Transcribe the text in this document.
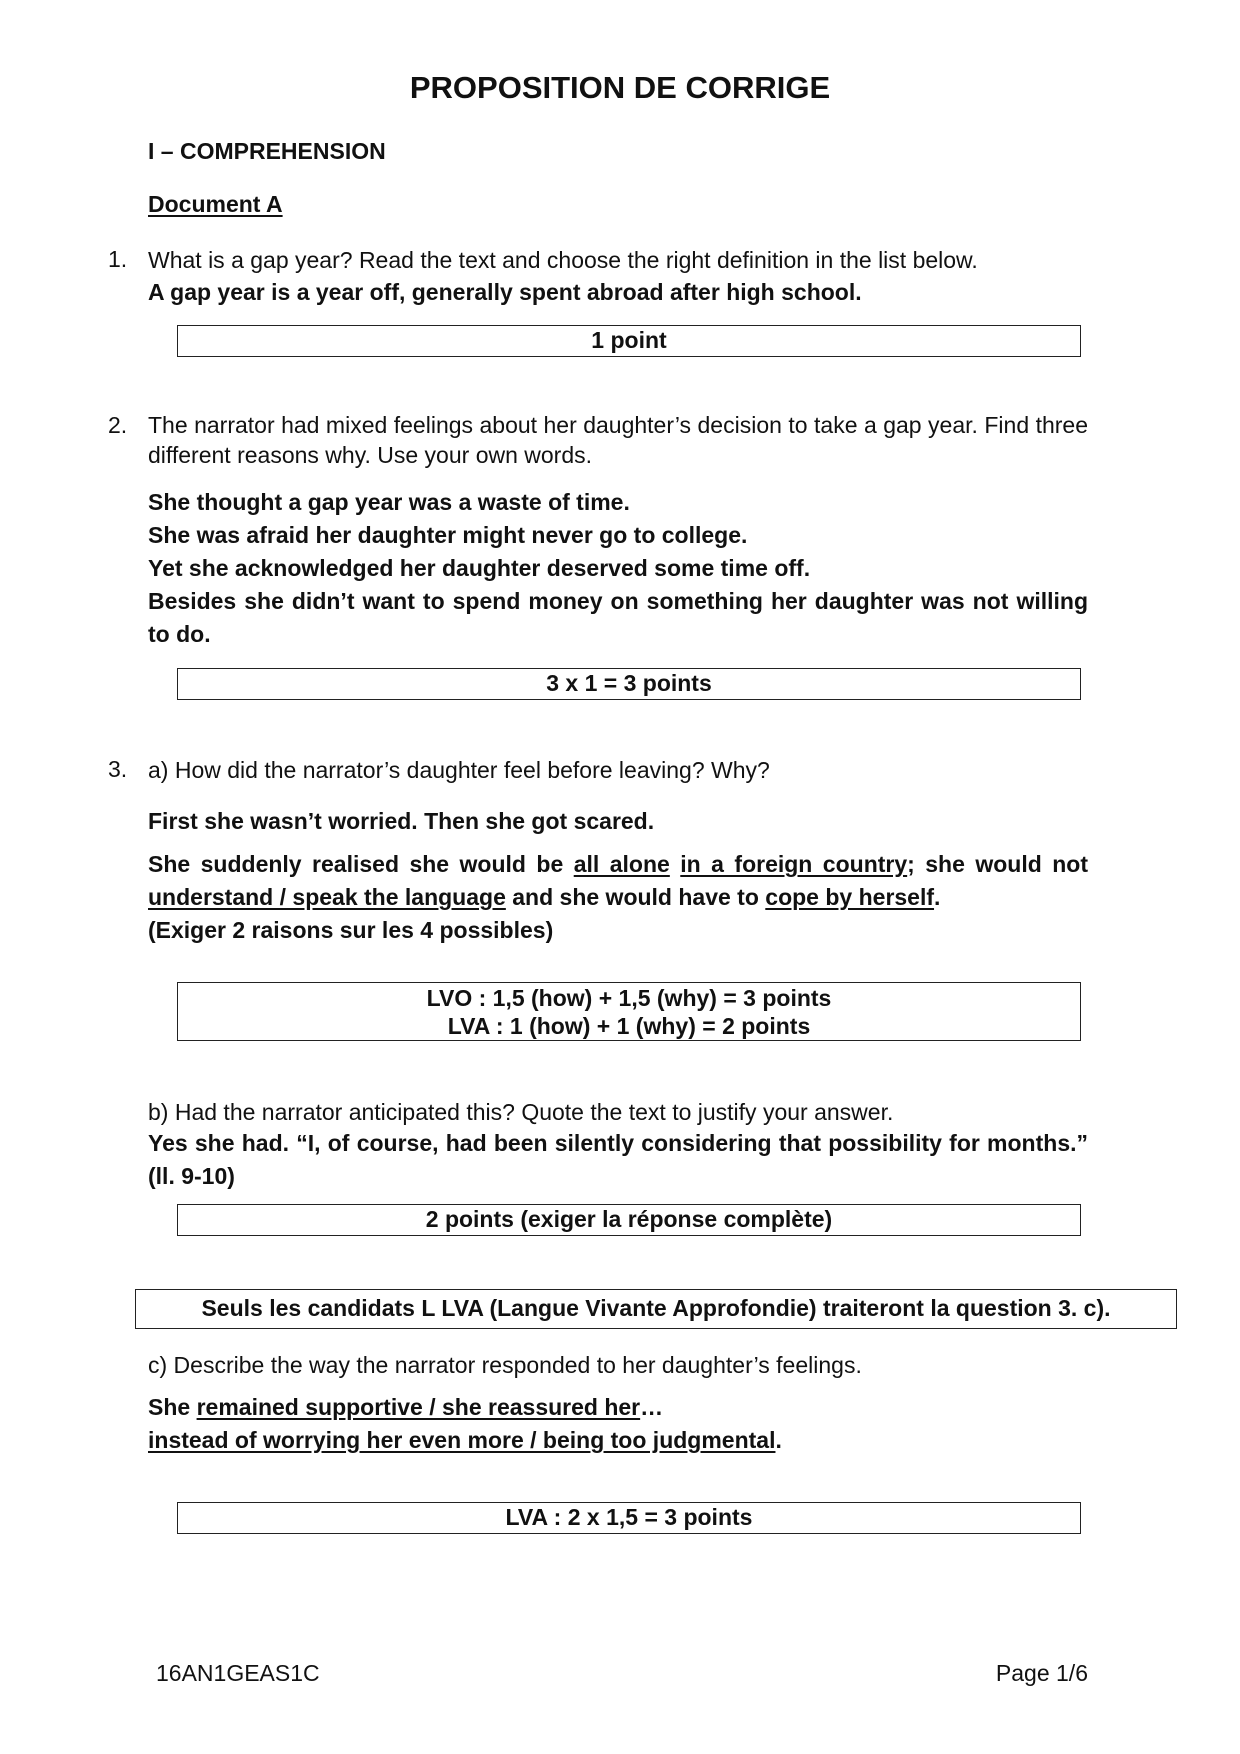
PROPOSITION DE CORRIGE
I – COMPREHENSION
Document A
1. What is a gap year? Read the text and choose the right definition in the list below.
A gap year is a year off, generally spent abroad after high school.
1 point
2. The narrator had mixed feelings about her daughter’s decision to take a gap year. Find three different reasons why. Use your own words.

She thought a gap year was a waste of time.

She was afraid her daughter might never go to college.

Yet she acknowledged her daughter deserved some time off.

Besides she didn’t want to spend money on something her daughter was not willing to do.

3 x 1 = 3 points
3. a) How did the narrator’s daughter feel before leaving? Why?
First she wasn’t worried. Then she got scared.
She suddenly realised she would be all alone in a foreign country; she would not understand / speak the language and she would have to cope by herself.
(Exiger 2 raisons sur les 4 possibles)
LVO : 1,5 (how) + 1,5 (why) = 3 points
LVA : 1 (how) + 1 (why) = 2 points
b) Had the narrator anticipated this? Quote the text to justify your answer.
Yes she had. “I, of course, had been silently considering that possibility for months.” (ll. 9-10)
2 points (exiger la réponse complète)
Seuls les candidats L LVA (Langue Vivante Approfondie) traiteront la question 3. c).
c) Describe the way the narrator responded to her daughter’s feelings.

She remained supportive / she reassured her…

instead of worrying her even more / being too judgmental.

LVA : 2 x 1,5 = 3 points
16AN1GEAS1C	Page 1/6
